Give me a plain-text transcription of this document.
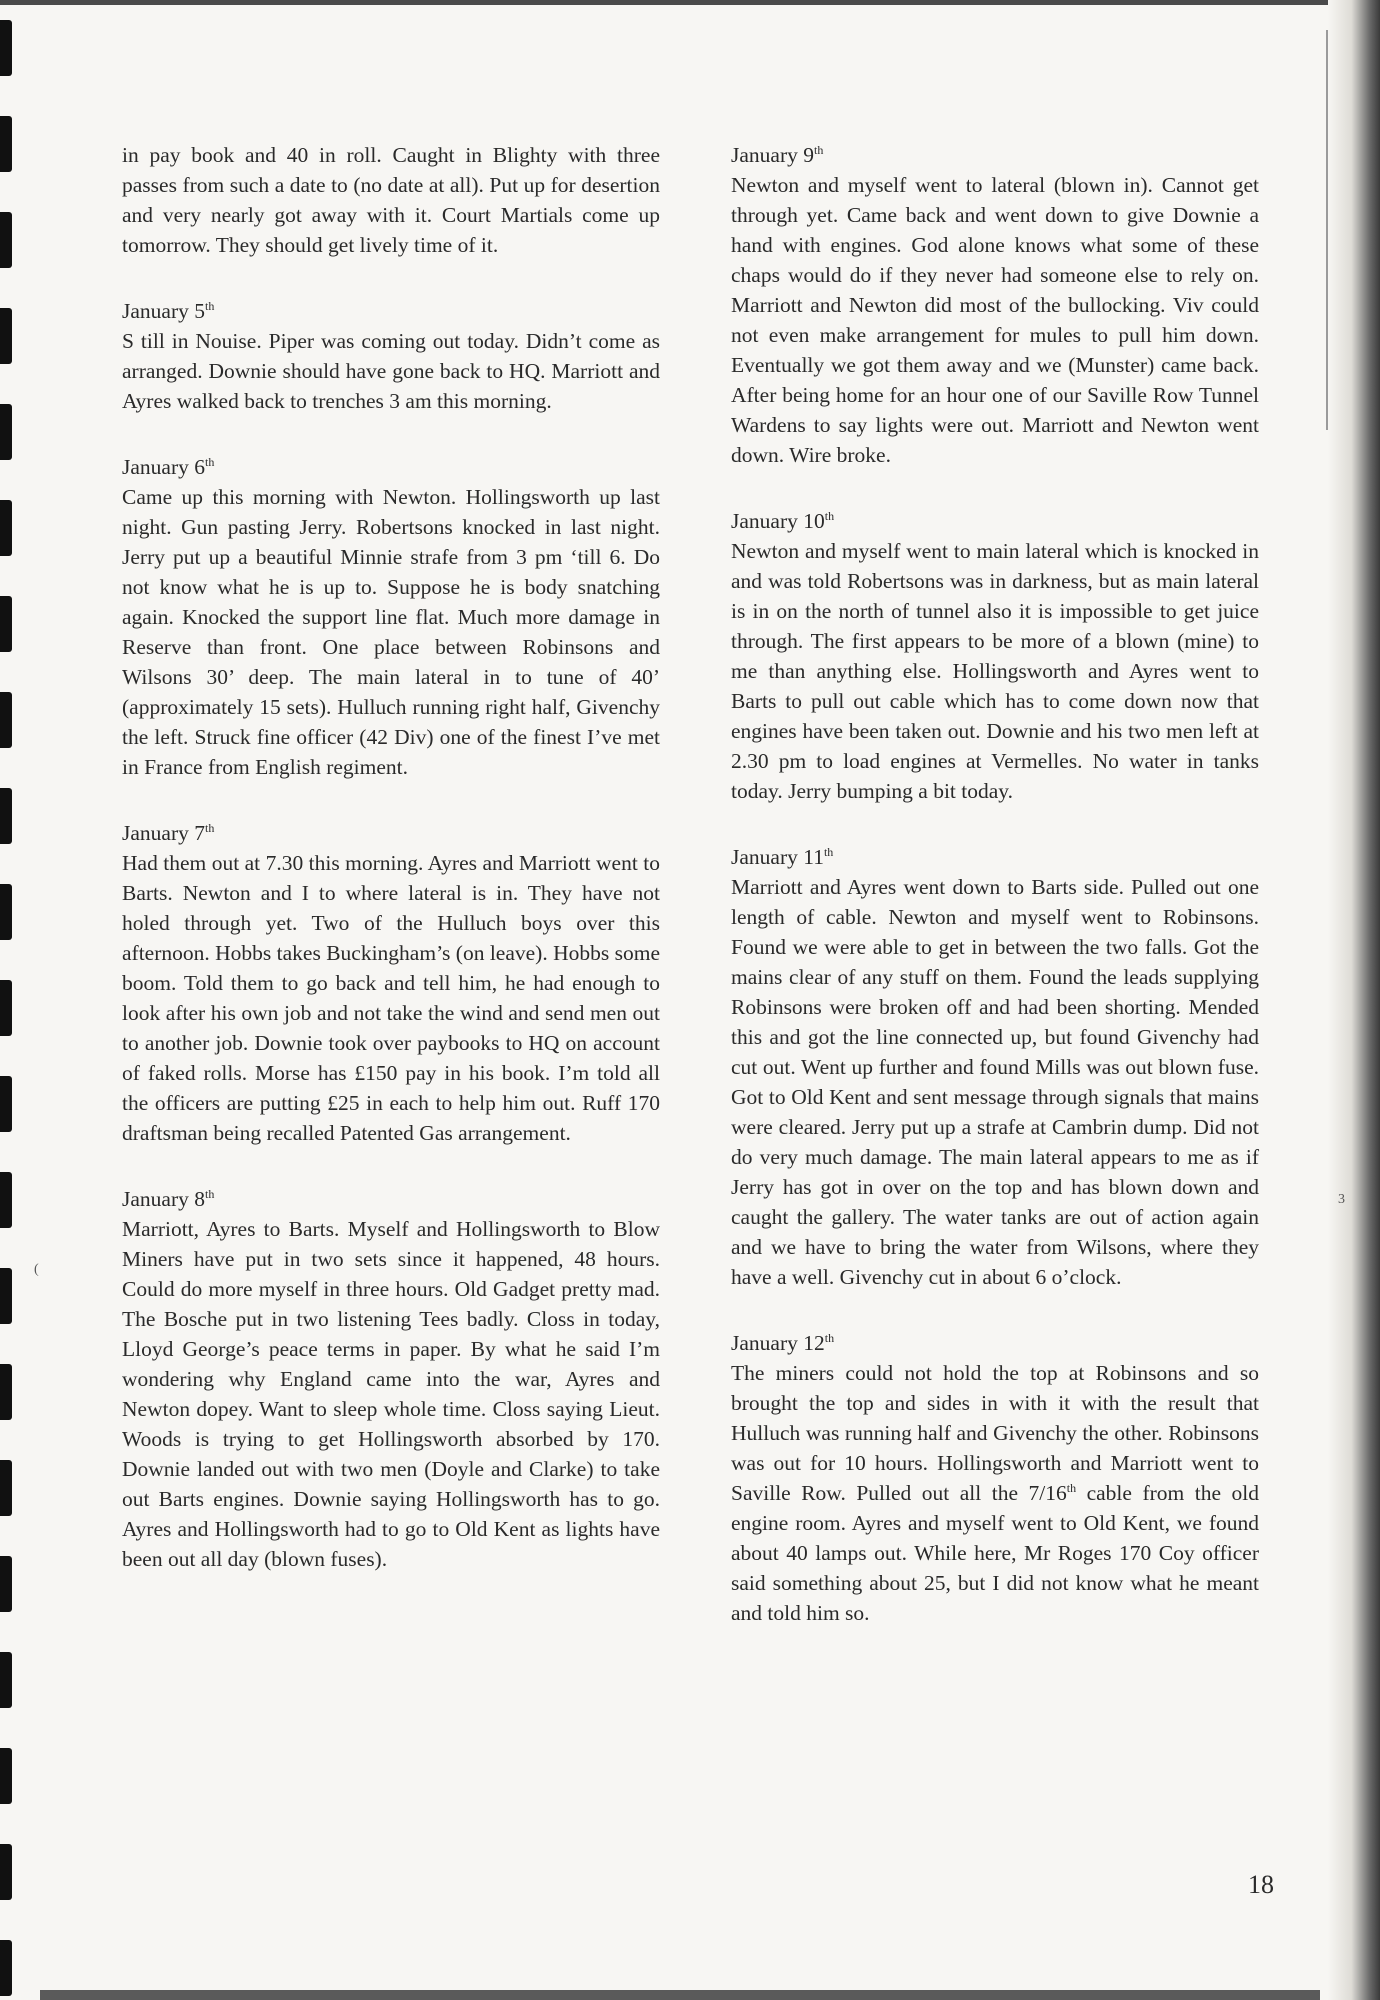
(
3

in pay book and 40 in roll. Caught in Blighty with three passes from such a date to (no date at all). Put up for desertion and very nearly got away with it. Court Martials come up tomorrow. They should get lively time of it.

January 5th

S till in Nouise. Piper was coming out today. Didn’t come as arranged. Downie should have gone back to HQ. Marriott and Ayres walked back to trenches 3 am this morning.

January 6th

Came up this morning with Newton. Hollingsworth up last night. Gun pasting Jerry. Robertsons knocked in last night. Jerry put up a beautiful Minnie strafe from 3 pm ‘till 6. Do not know what he is up to. Suppose he is body snatching again. Knocked the support line flat. Much more damage in Reserve than front. One place between Robinsons and Wilsons 30’ deep. The main lateral in to tune of 40’ (approximately 15 sets). Hulluch running right half, Givenchy the left. Struck fine officer (42 Div) one of the finest I’ve met in France from English regiment.

January 7th

Had them out at 7.30 this morning. Ayres and Marriott went to Barts. Newton and I to where lateral is in. They have not holed through yet. Two of the Hulluch boys over this afternoon. Hobbs takes Buckingham’s (on leave). Hobbs some boom. Told them to go back and tell him, he had enough to look after his own job and not take the wind and send men out to another job. Downie took over paybooks to HQ on account of faked rolls. Morse has £150 pay in his book. I’m told all the officers are putting £25 in each to help him out. Ruff 170 draftsman being recalled Patented Gas arrangement.

January 8th

Marriott, Ayres to Barts. Myself and Hollingsworth to Blow Miners have put in two sets since it happened, 48 hours. Could do more myself in three hours. Old Gadget pretty mad. The Bosche put in two listening Tees badly. Closs in today, Lloyd George’s peace terms in paper. By what he said I’m wondering why England came into the war, Ayres and Newton dopey. Want to sleep whole time. Closs saying Lieut. Woods is trying to get Hollingsworth absorbed by 170. Downie landed out with two men (Doyle and Clarke) to take out Barts engines. Downie saying Hollingsworth has to go. Ayres and Hollingsworth had to go to Old Kent as lights have been out all day (blown fuses).

January 9th

Newton and myself went to lateral (blown in). Cannot get through yet. Came back and went down to give Downie a hand with engines. God alone knows what some of these chaps would do if they never had someone else to rely on. Marriott and Newton did most of the bullocking. Viv could not even make arrangement for mules to pull him down. Eventually we got them away and we (Munster) came back. After being home for an hour one of our Saville Row Tunnel Wardens to say lights were out. Marriott and Newton went down. Wire broke.

January 10th

Newton and myself went to main lateral which is knocked in and was told Robertsons was in darkness, but as main lateral is in on the north of tunnel also it is impossible to get juice through. The first appears to be more of a blown (mine) to me than anything else. Hollingsworth and Ayres went to Barts to pull out cable which has to come down now that engines have been taken out. Downie and his two men left at 2.30 pm to load engines at Vermelles. No water in tanks today. Jerry bumping a bit today.

January 11th

Marriott and Ayres went down to Barts side. Pulled out one length of cable. Newton and myself went to Robinsons. Found we were able to get in between the two falls. Got the mains clear of any stuff on them. Found the leads supplying Robinsons were broken off and had been shorting. Mended this and got the line connected up, but found Givenchy had cut out. Went up further and found Mills was out blown fuse. Got to Old Kent and sent message through signals that mains were cleared. Jerry put up a strafe at Cambrin dump. Did not do very much damage. The main lateral appears to me as if Jerry has got in over on the top and has blown down and caught the gallery. The water tanks are out of action again and we have to bring the water from Wilsons, where they have a well. Givenchy cut in about 6 o’clock.

January 12th

The miners could not hold the top at Robinsons and so brought the top and sides in with it with the result that Hulluch was running half and Givenchy the other. Robinsons was out for 10 hours. Hollingsworth and Marriott went to Saville Row. Pulled out all the 7/16th cable from the old engine room. Ayres and myself went to Old Kent, we found about 40 lamps out. While here, Mr Roges 170 Coy officer said something about 25, but I did not know what he meant and told him so.

18
